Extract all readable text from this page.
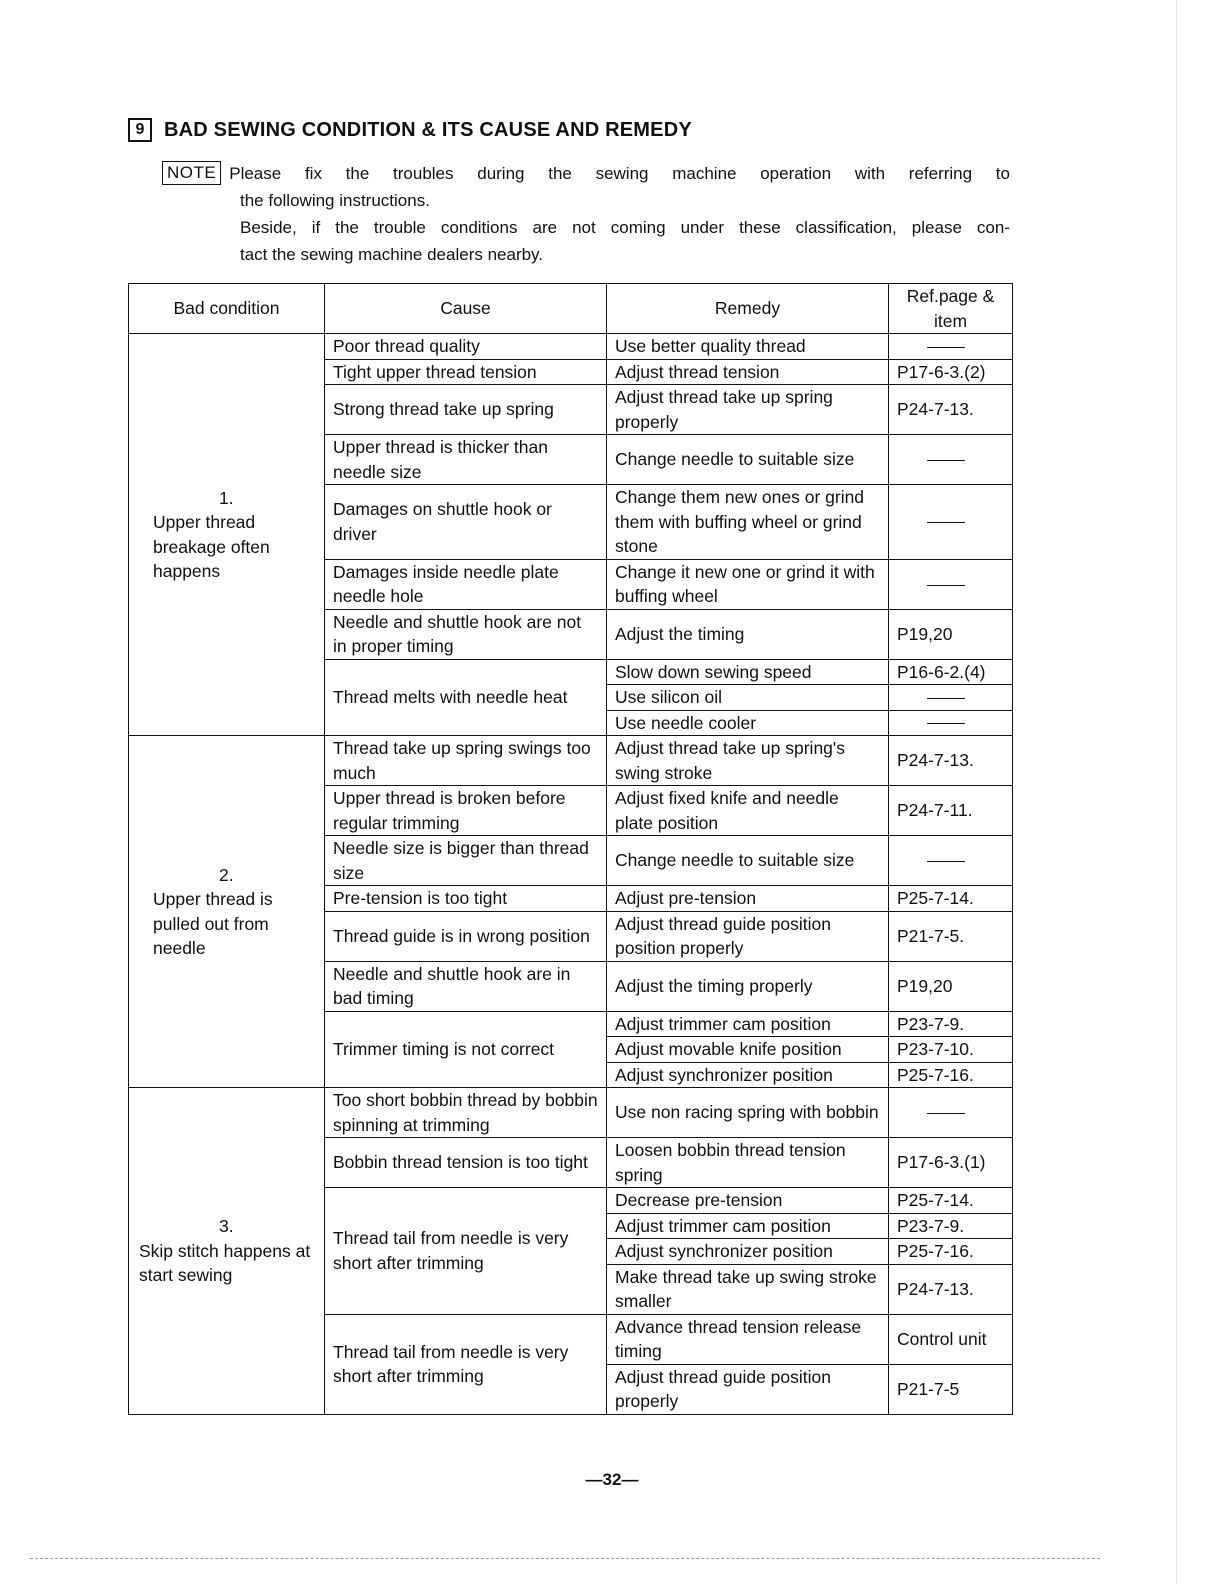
9 BAD SEWING CONDITION & ITS CAUSE AND REMEDY
NOTE Please fix the troubles during the sewing machine operation with referring to
the following instructions.
Beside, if the trouble conditions are not coming under these classification, please con-
tact the sewing machine dealers nearby.
Bad condition	Cause	Remedy	Ref.page & item

1.
Upper thread breakage often happens	Poor thread quality	Use better quality thread	
	Tight upper thread tension	Adjust thread tension	P17-6-3.(2)
	Strong thread take up spring	Adjust thread take up spring properly	P24-7-13.
	Upper thread is thicker than needle size	Change needle to suitable size	
	Damages on shuttle hook or driver	Change them new ones or grind them with buffing wheel or grind stone	
	Damages inside needle plate needle hole	Change it new one or grind it with buffing wheel	
	Needle and shuttle hook are not in proper timing	Adjust the timing	P19,20
	Thread melts with needle heat	Slow down sewing speed	P16-6-2.(4)
		Use silicon oil	
		Use needle cooler	

2.
Upper thread is pulled out from needle	Thread take up spring swings too much	Adjust thread take up spring's swing stroke	P24-7-13.
	Upper thread is broken before regular trimming	Adjust fixed knife and needle plate position	P24-7-11.
	Needle size is bigger than thread size	Change needle to suitable size	
	Pre-tension is too tight	Adjust pre-tension	P25-7-14.
	Thread guide is in wrong position	Adjust thread guide position position properly	P21-7-5.
	Needle and shuttle hook are in bad timing	Adjust the timing properly	P19,20
	Trimmer timing is not correct	Adjust trimmer cam position	P23-7-9.
		Adjust movable knife position	P23-7-10.
		Adjust synchronizer position	P25-7-16.

3.
Skip stitch happens at start sewing	Too short bobbin thread by bobbin spinning at trimming	Use non racing spring with bobbin	
	Bobbin thread tension is too tight	Loosen bobbin thread tension spring	P17-6-3.(1)
	Thread tail from needle is very short after trimming	Decrease pre-tension	P25-7-14.
		Adjust trimmer cam position	P23-7-9.
		Adjust synchronizer position	P25-7-16.
		Make thread take up swing stroke smaller	P24-7-13.
	Thread tail from needle is very short after trimming	Advance thread tension release timing	Control unit
		Adjust thread guide position properly	P21-7-5
—32—
